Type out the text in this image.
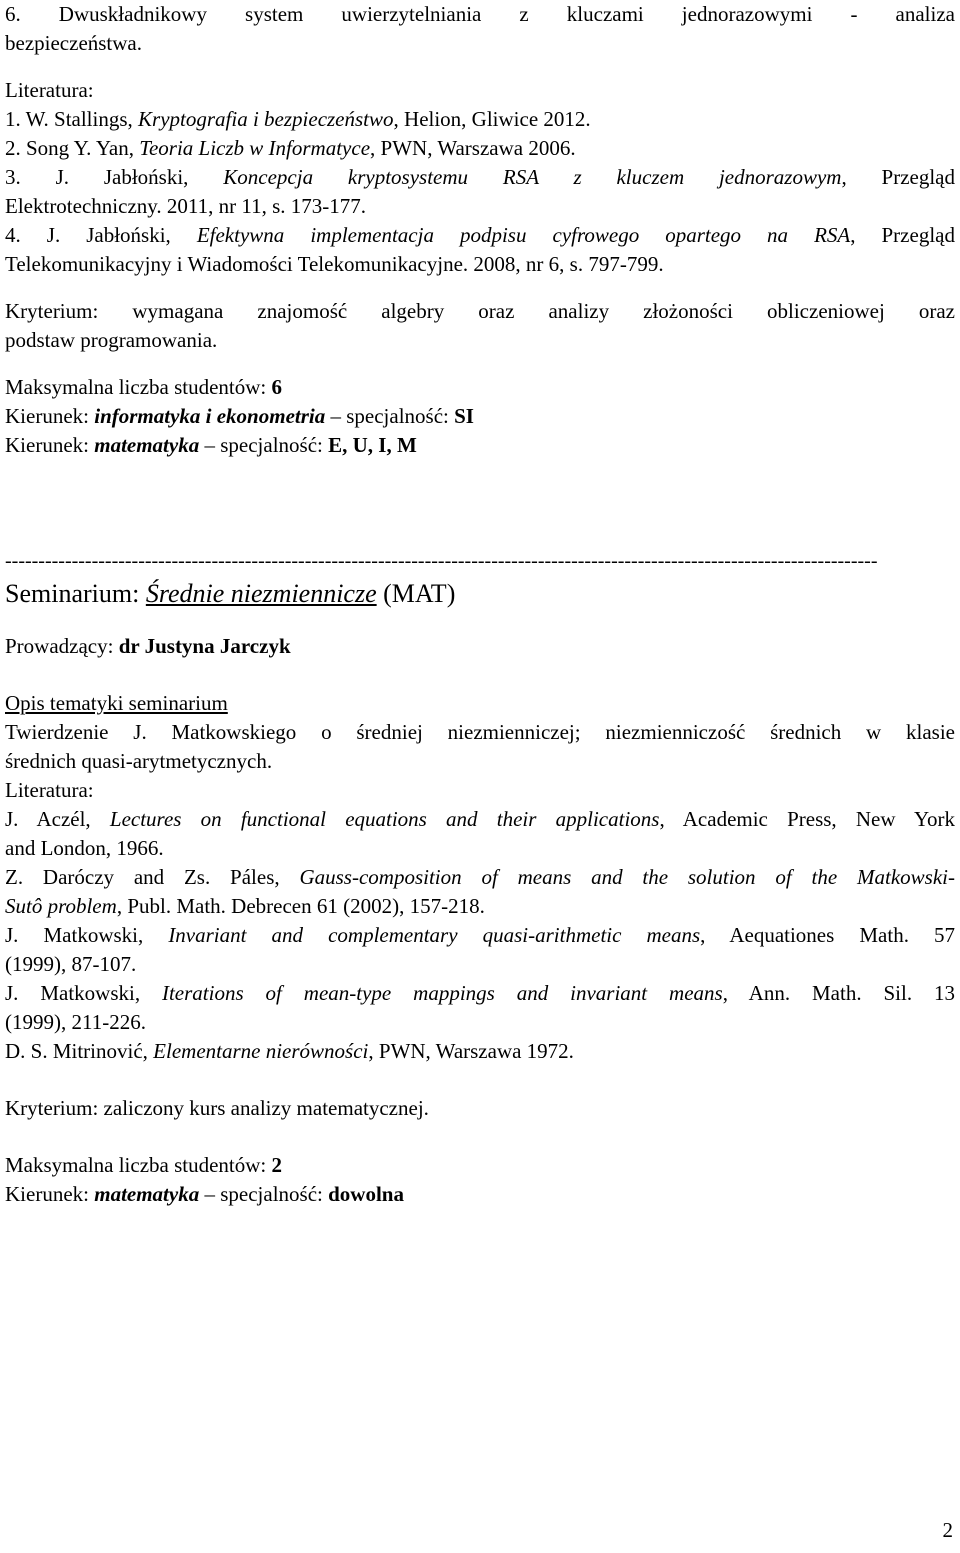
6. Dwuskładnikowy system uwierzytelniania z kluczami jednorazowymi - analiza
bezpieczeństwa.
Literatura:
1. W. Stallings, Kryptografia i bezpieczeństwo, Helion, Gliwice 2012.
2. Song Y. Yan, Teoria Liczb w Informatyce, PWN, Warszawa 2006.
3. J. Jabłoński, Koncepcja kryptosystemu RSA z kluczem jednorazowym, Przegląd
Elektrotechniczny. 2011, nr 11, s. 173-177.
4. J. Jabłoński, Efektywna implementacja podpisu cyfrowego opartego na RSA, Przegląd
Telekomunikacyjny i Wiadomości Telekomunikacyjne. 2008, nr 6, s. 797-799.
Kryterium: wymagana znajomość algebry oraz analizy złożoności obliczeniowej oraz
podstaw programowania.
Maksymalna liczba studentów: 6
Kierunek: informatyka i ekonometria – specjalność: SI
Kierunek: matematyka – specjalność: E, U, I, M
-----------------------------------------------------------------------------------------------------------------------------------
Seminarium: Średnie niezmiennicze (MAT)
Prowadzący: dr Justyna Jarczyk
Opis tematyki seminarium
Twierdzenie J. Matkowskiego o średniej niezmienniczej; niezmienniczość średnich w klasie
średnich quasi-arytmetycznych.
Literatura:
J. Aczél, Lectures on functional equations and their applications, Academic Press, New York
and London, 1966.
Z. Daróczy and Zs. Páles, Gauss-composition of means and the solution of the Matkowski-
Sutô problem, Publ. Math. Debrecen 61 (2002), 157-218.
J. Matkowski, Invariant and complementary quasi-arithmetic means, Aequationes Math. 57
(1999), 87-107.
J. Matkowski, Iterations of mean-type mappings and invariant means, Ann. Math. Sil. 13
(1999), 211-226.
D. S. Mitrinović, Elementarne nierówności, PWN, Warszawa 1972.
Kryterium: zaliczony kurs analizy matematycznej.
Maksymalna liczba studentów: 2
Kierunek: matematyka – specjalność: dowolna
2
